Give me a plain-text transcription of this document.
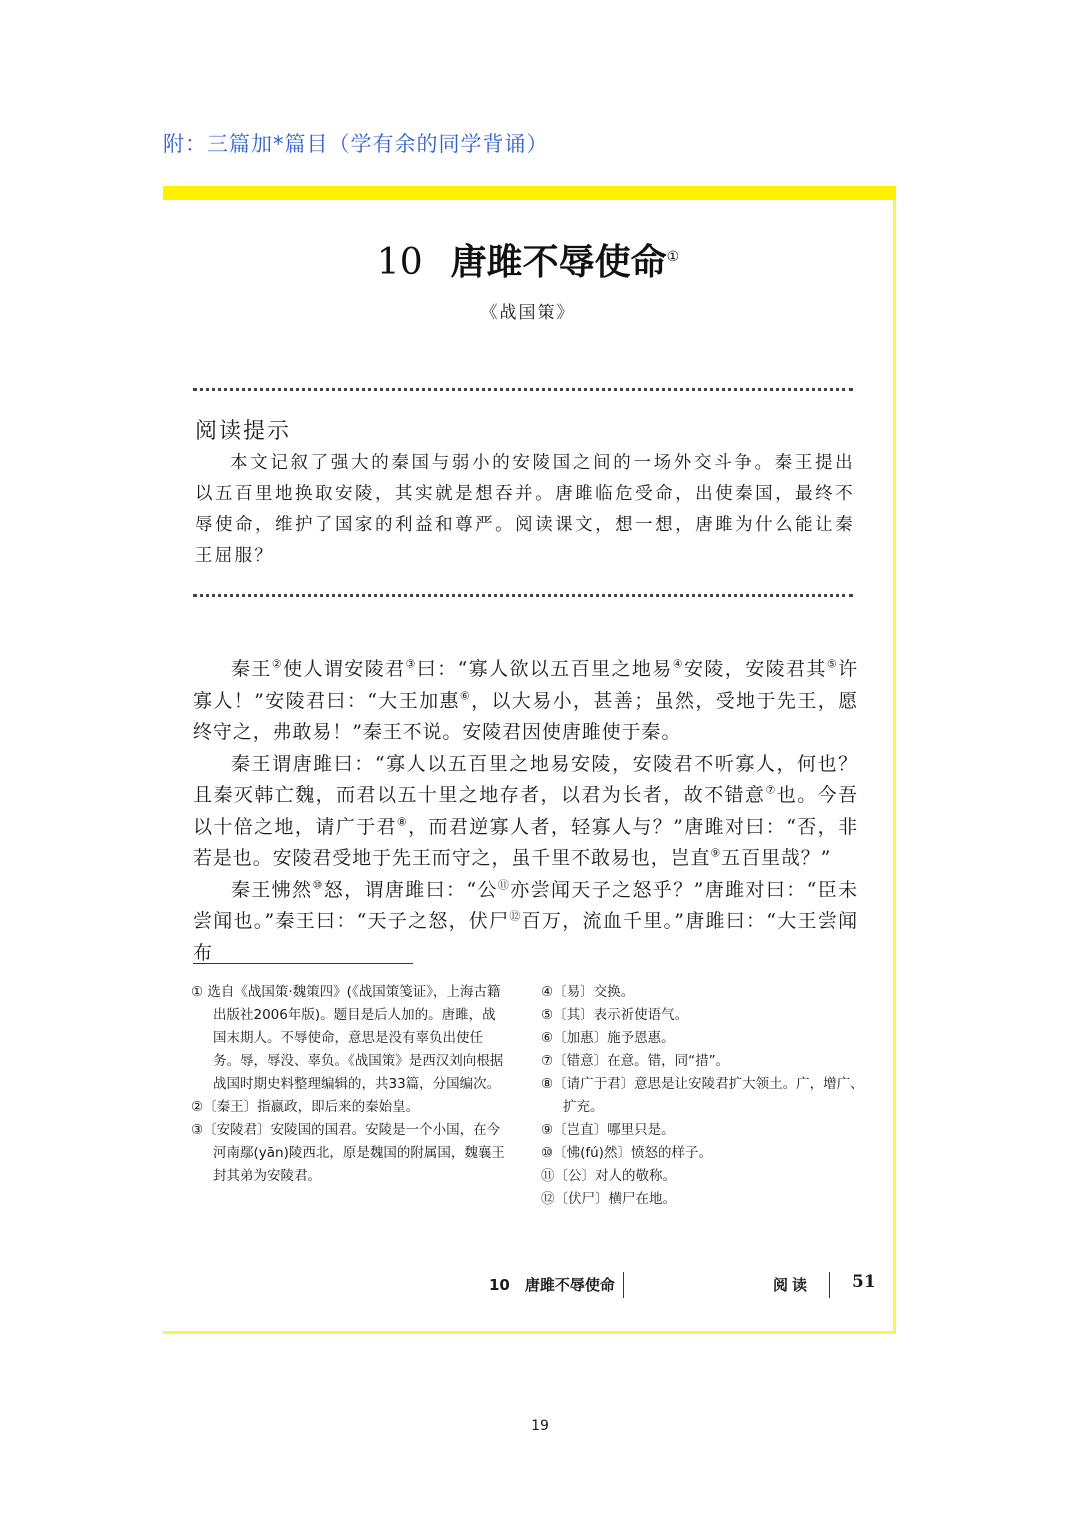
附：三篇加*篇目（学有余的同学背诵）
10 唐雎不辱使命①
《战国策》
阅读提示
本文记叙了强大的秦国与弱小的安陵国之间的一场外交斗争。秦王提出以五百里地换取安陵，其实就是想吞并。唐雎临危受命，出使秦国，最终不辱使命，维护了国家的利益和尊严。阅读课文，想一想，唐雎为什么能让秦王屈服？

秦王②使人谓安陵君③曰：“寡人欲以五百里之地易④安陵，安陵君其⑤许寡人！”安陵君曰：“大王加惠⑥，以大易小，甚善；虽然，受地于先王，愿终守之，弗敢易！”秦王不说。安陵君因使唐雎使于秦。

秦王谓唐雎曰：“寡人以五百里之地易安陵，安陵君不听寡人，何也？且秦灭韩亡魏，而君以五十里之地存者，以君为长者，故不错意⑦也。今吾以十倍之地，请广于君⑧，而君逆寡人者，轻寡人与？”唐雎对曰：“否，非若是也。安陵君受地于先王而守之，虽千里不敢易也，岂直⑨五百里哉？”

秦王怫然⑩怒，谓唐雎曰：“公⑪亦尝闻天子之怒乎？”唐雎对曰：“臣未尝闻也。”秦王曰：“天子之怒，伏尸⑫百万，流血千里。”唐雎曰：“大王尝闻布

① 选自《战国策·魏策四》(《战国策笺证》，上海古籍出版社2006年版)。题目是后人加的。唐雎，战国末期人。不辱使命，意思是没有辜负出使任务。辱，辱没、辜负。《战国策》是西汉刘向根据战国时期史料整理编辑的，共33篇，分国编次。
②〔秦王〕指嬴政，即后来的秦始皇。
③〔安陵君〕安陵国的国君。安陵是一个小国，在今河南鄢(yān)陵西北，原是魏国的附属国，魏襄王封其弟为安陵君。
④〔易〕交换。
⑤〔其〕表示祈使语气。
⑥〔加惠〕施予恩惠。
⑦〔错意〕在意。错，同“措”。
⑧〔请广于君〕意思是让安陵君扩大领土。广，增广、扩充。
⑨〔岂直〕哪里只是。
⑩〔怫(fú)然〕愤怒的样子。
⑪〔公〕对人的敬称。
⑫〔伏尸〕横尸在地。
10　唐雎不辱使命	阅读 51
19
